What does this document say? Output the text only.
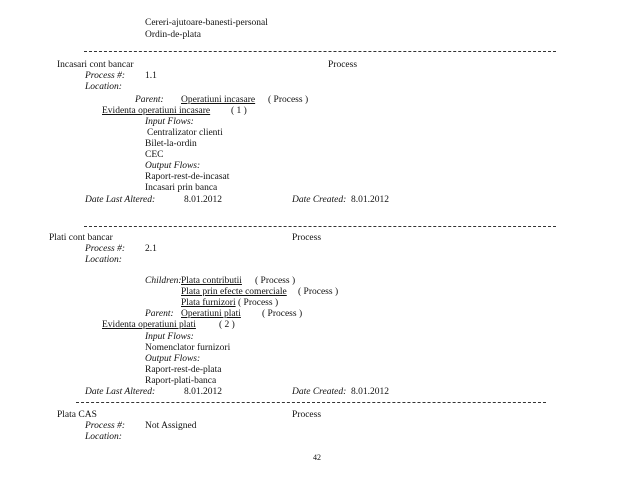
Cereri-ajutoare-banesti-personal
Ordin-de-plata
Incasari cont bancar	Process
Process #: 1.1
Location:
Parent: Operatiuni incasare ( Process )
Evidenta operatiuni incasare ( 1 )
Input Flows:
Centralizator clienti
Bilet-la-ordin
CEC
Output Flows:
Raport-rest-de-incasat
Incasari prin banca
Date Last Altered:	8.01.2012	Date Created: 8.01.2012
Plati cont bancar	Process
Process #: 2.1
Location:
Children: Plata contributii ( Process )
Plata prin efecte comerciale ( Process )
Plata furnizori ( Process )
Parent: Operatiuni plati ( Process )
Evidenta operatiuni plati ( 2 )
Input Flows:
Nomenclator furnizori
Output Flows:
Raport-rest-de-plata
Raport-plati-banca
Date Last Altered:	8.01.2012	Date Created: 8.01.2012
Plata CAS	Process
Process #: Not Assigned
Location:
42
